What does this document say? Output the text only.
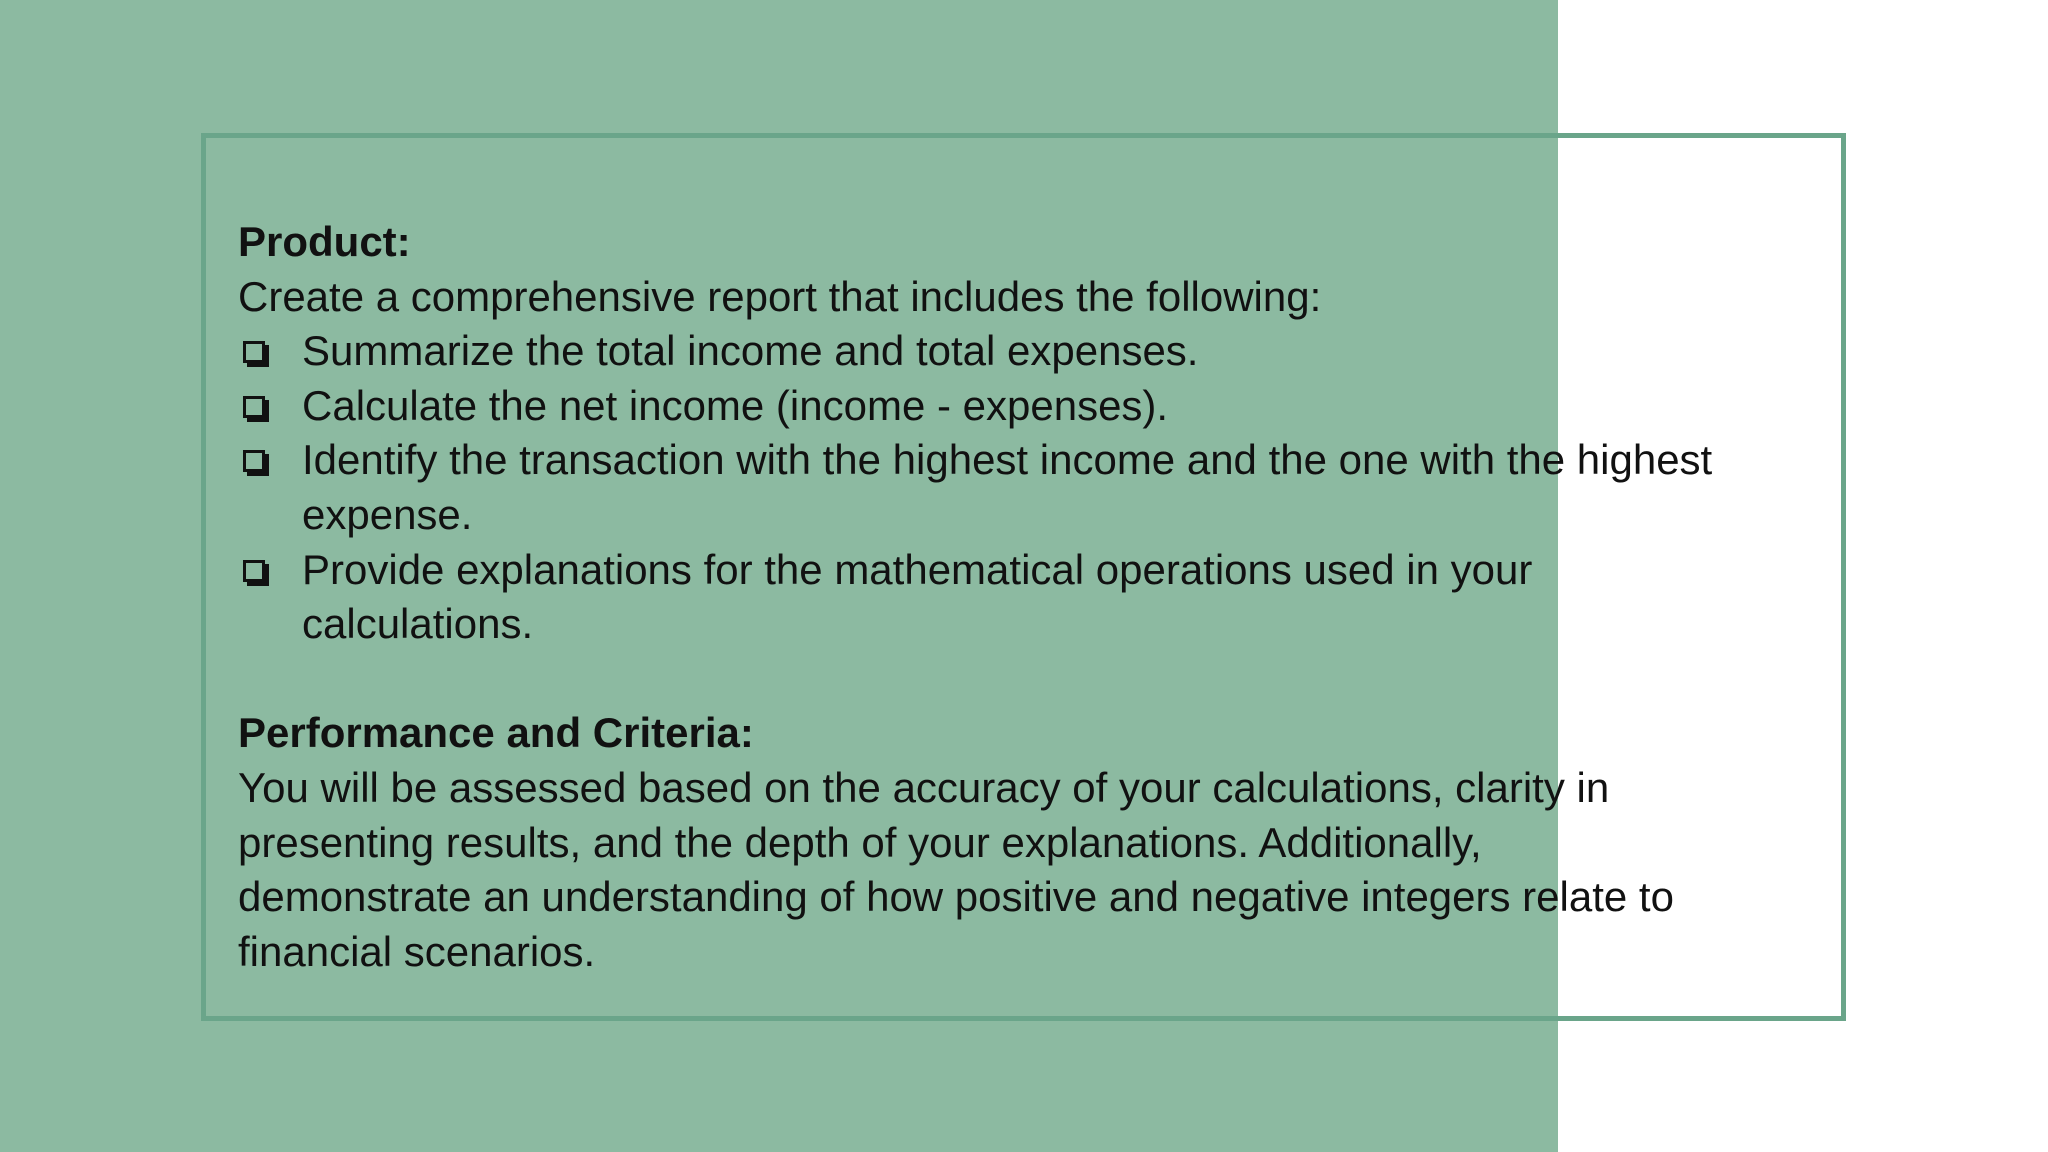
Product:

Create a comprehensive report that includes the following:

Summarize the total income and total expenses.
Calculate the net income (income - expenses).
Identify the transaction with the highest income and the one with the highest expense.
Provide explanations for the mathematical operations used in your calculations.
Performance and Criteria:
You will be assessed based on the accuracy of your calculations, clarity in
presenting results, and the depth of your explanations. Additionally,
demonstrate an understanding of how positive and negative integers relate to
financial scenarios.
